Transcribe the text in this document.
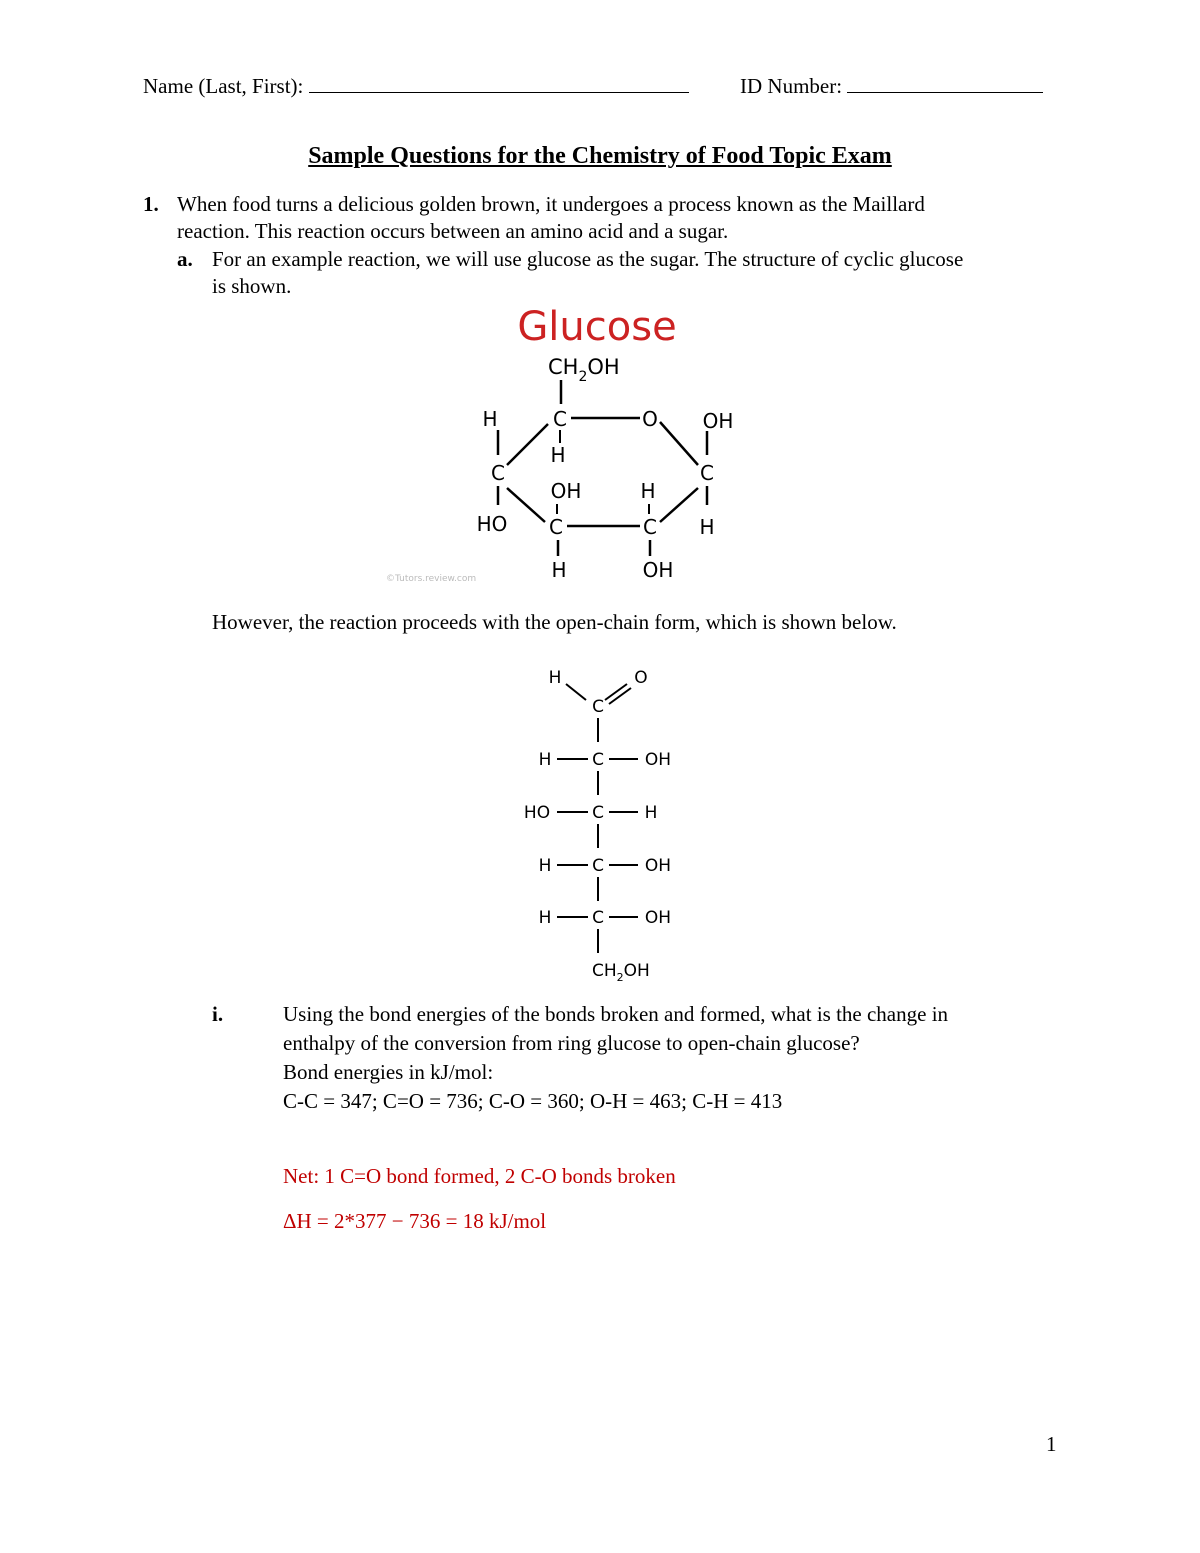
Name (Last, First):	ID Number:
Sample Questions for the Chemistry of Food Topic Exam
1. When food turns a delicious golden brown, it undergoes a process known as the Maillard
reaction. This reaction occurs between an amino acid and a sugar.
a. For an example reaction, we will use glucose as the sugar. The structure of cyclic glucose
is shown.
Glucose
$CH_2OH$
H	C	O OH
H
C
HO
C
H
OH	H
C	C
H	OH
©Tutors.review.com
However, the reaction proceeds with the open-chain form, which is shown below.
H	O
C
H C OH
HO C H
H C OH
H C OH
$CH_2OH$
i.	Using the bond energies of the bonds broken and formed, what is the change in
enthalpy of the conversion from ring glucose to open-chain glucose?
Bond energies in kJ/mol:
C-C = 347; C=O = 736; C-O = 360; O-H = 463; C-H = 413
Net: 1 C=O bond formed, 2 C-O bonds broken
ΔH = 2*377 − 736 = 18 kJ/mol
1
